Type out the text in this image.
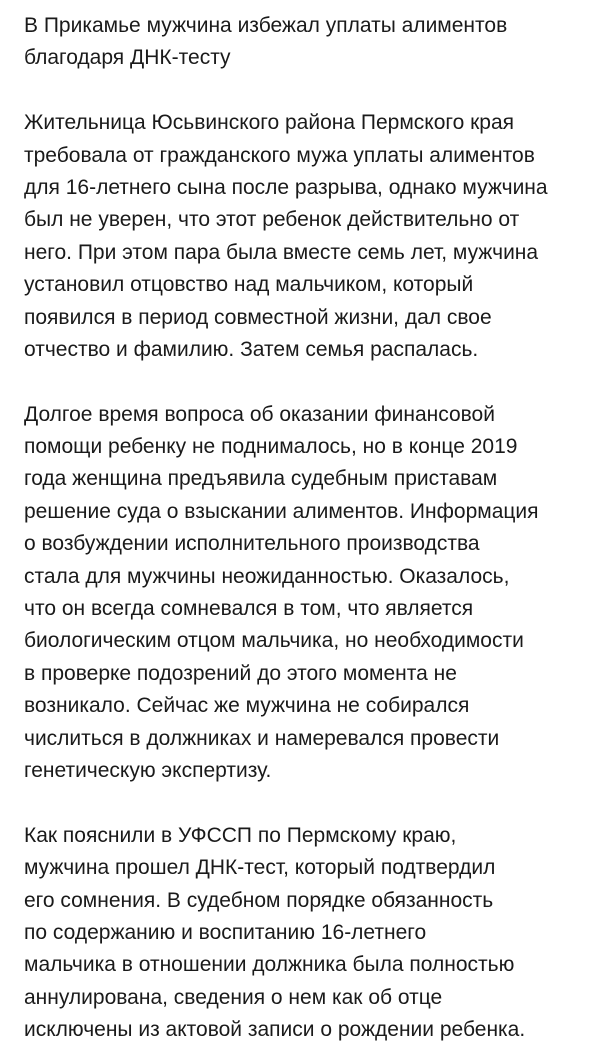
В Прикамье мужчина избежал уплаты алиментов
благодаря ДНК-тесту
Жительница Юсьвинского района Пермского края
требовала от гражданского мужа уплаты алиментов
для 16-летнего сына после разрыва, однако мужчина
был не уверен, что этот ребенок действительно от
него. При этом пара была вместе семь лет, мужчина
установил отцовство над мальчиком, который
появился в период совместной жизни, дал свое
отчество и фамилию. Затем семья распалась.
Долгое время вопроса об оказании финансовой
помощи ребенку не поднималось, но в конце 2019
года женщина предъявила судебным приставам
решение суда о взыскании алиментов. Информация
о возбуждении исполнительного производства
стала для мужчины неожиданностью. Оказалось,
что он всегда сомневался в том, что является
биологическим отцом мальчика, но необходимости
в проверке подозрений до этого момента не
возникало. Сейчас же мужчина не собирался
числиться в должниках и намеревался провести
генетическую экспертизу.
Как пояснили в УФССП по Пермскому краю,
мужчина прошел ДНК-тест, который подтвердил
его сомнения. В судебном порядке обязанность
по содержанию и воспитанию 16-летнего
мальчика в отношении должника была полностью
аннулирована, сведения о нем как об отце
исключены из актовой записи о рождении ребенка.
